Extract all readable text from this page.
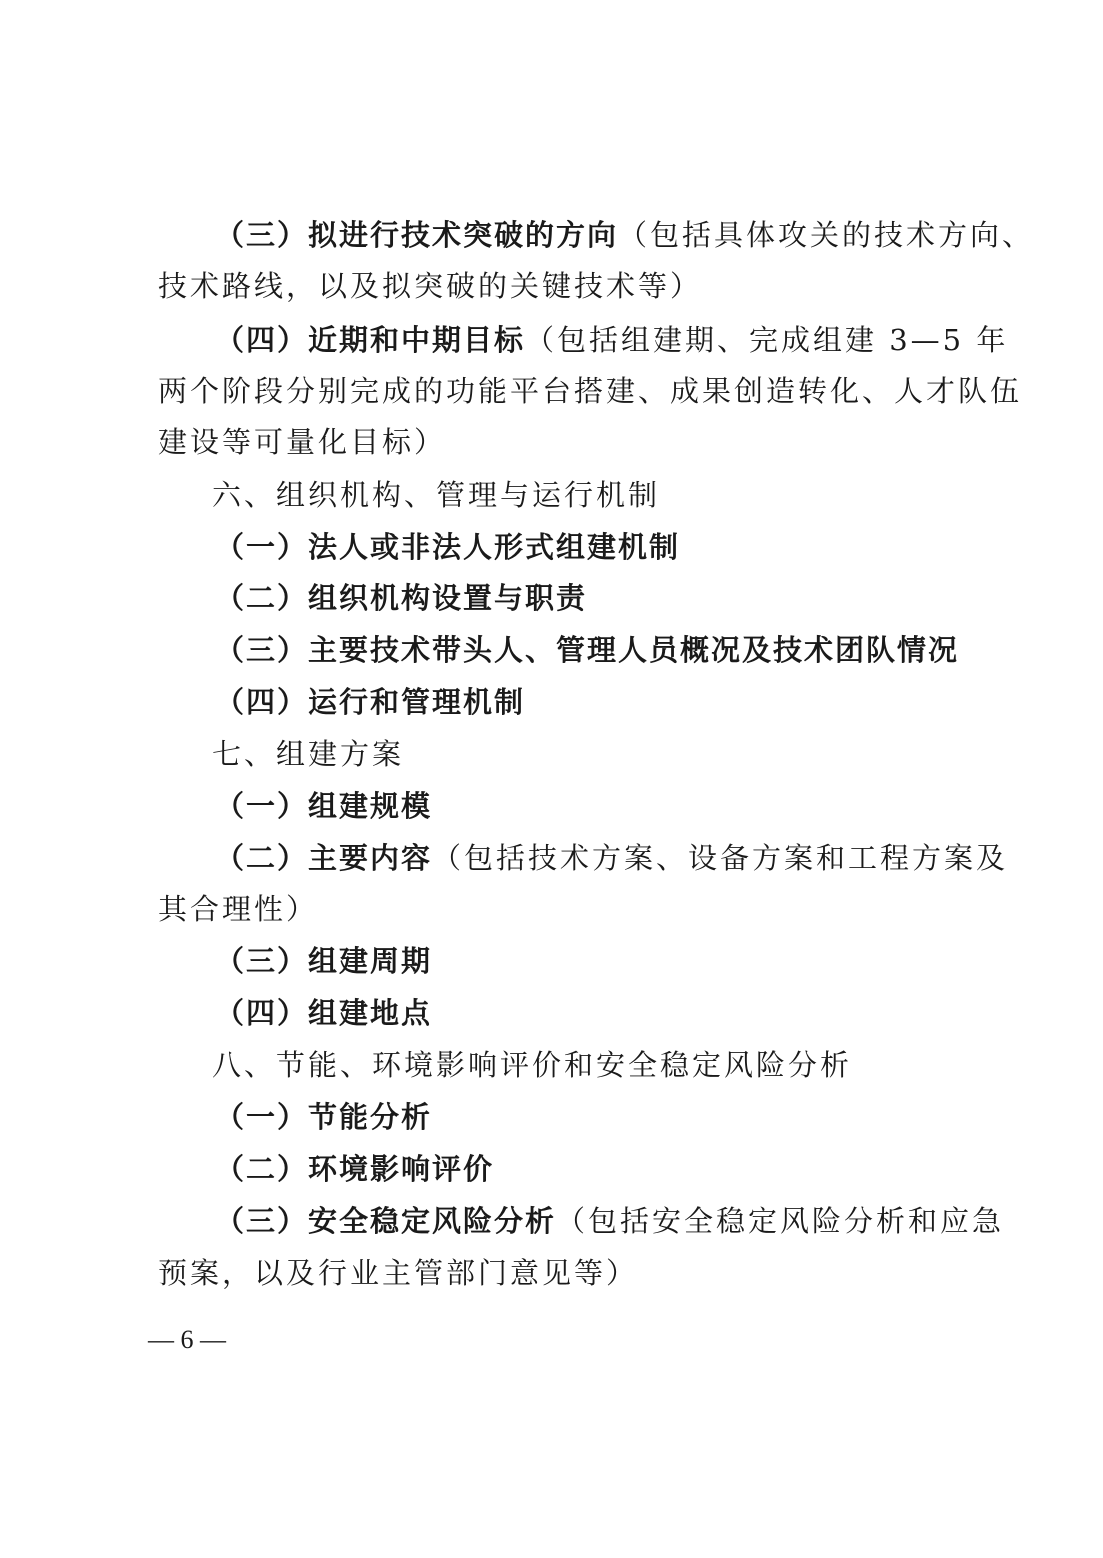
（三）拟进行技术突破的方向（包括具体攻关的技术方向、
技术路线，以及拟突破的关键技术等）
（四）近期和中期目标（包括组建期、完成组建 3—5 年
两个阶段分别完成的功能平台搭建、成果创造转化、人才队伍
建设等可量化目标）
六、组织机构、管理与运行机制
（一）法人或非法人形式组建机制
（二）组织机构设置与职责
（三）主要技术带头人、管理人员概况及技术团队情况
（四）运行和管理机制
七、组建方案
（一）组建规模
（二）主要内容（包括技术方案、设备方案和工程方案及
其合理性）
（三）组建周期
（四）组建地点
八、节能、环境影响评价和安全稳定风险分析
（一）节能分析
（二）环境影响评价
（三）安全稳定风险分析（包括安全稳定风险分析和应急
预案，以及行业主管部门意见等）
— 6 —
